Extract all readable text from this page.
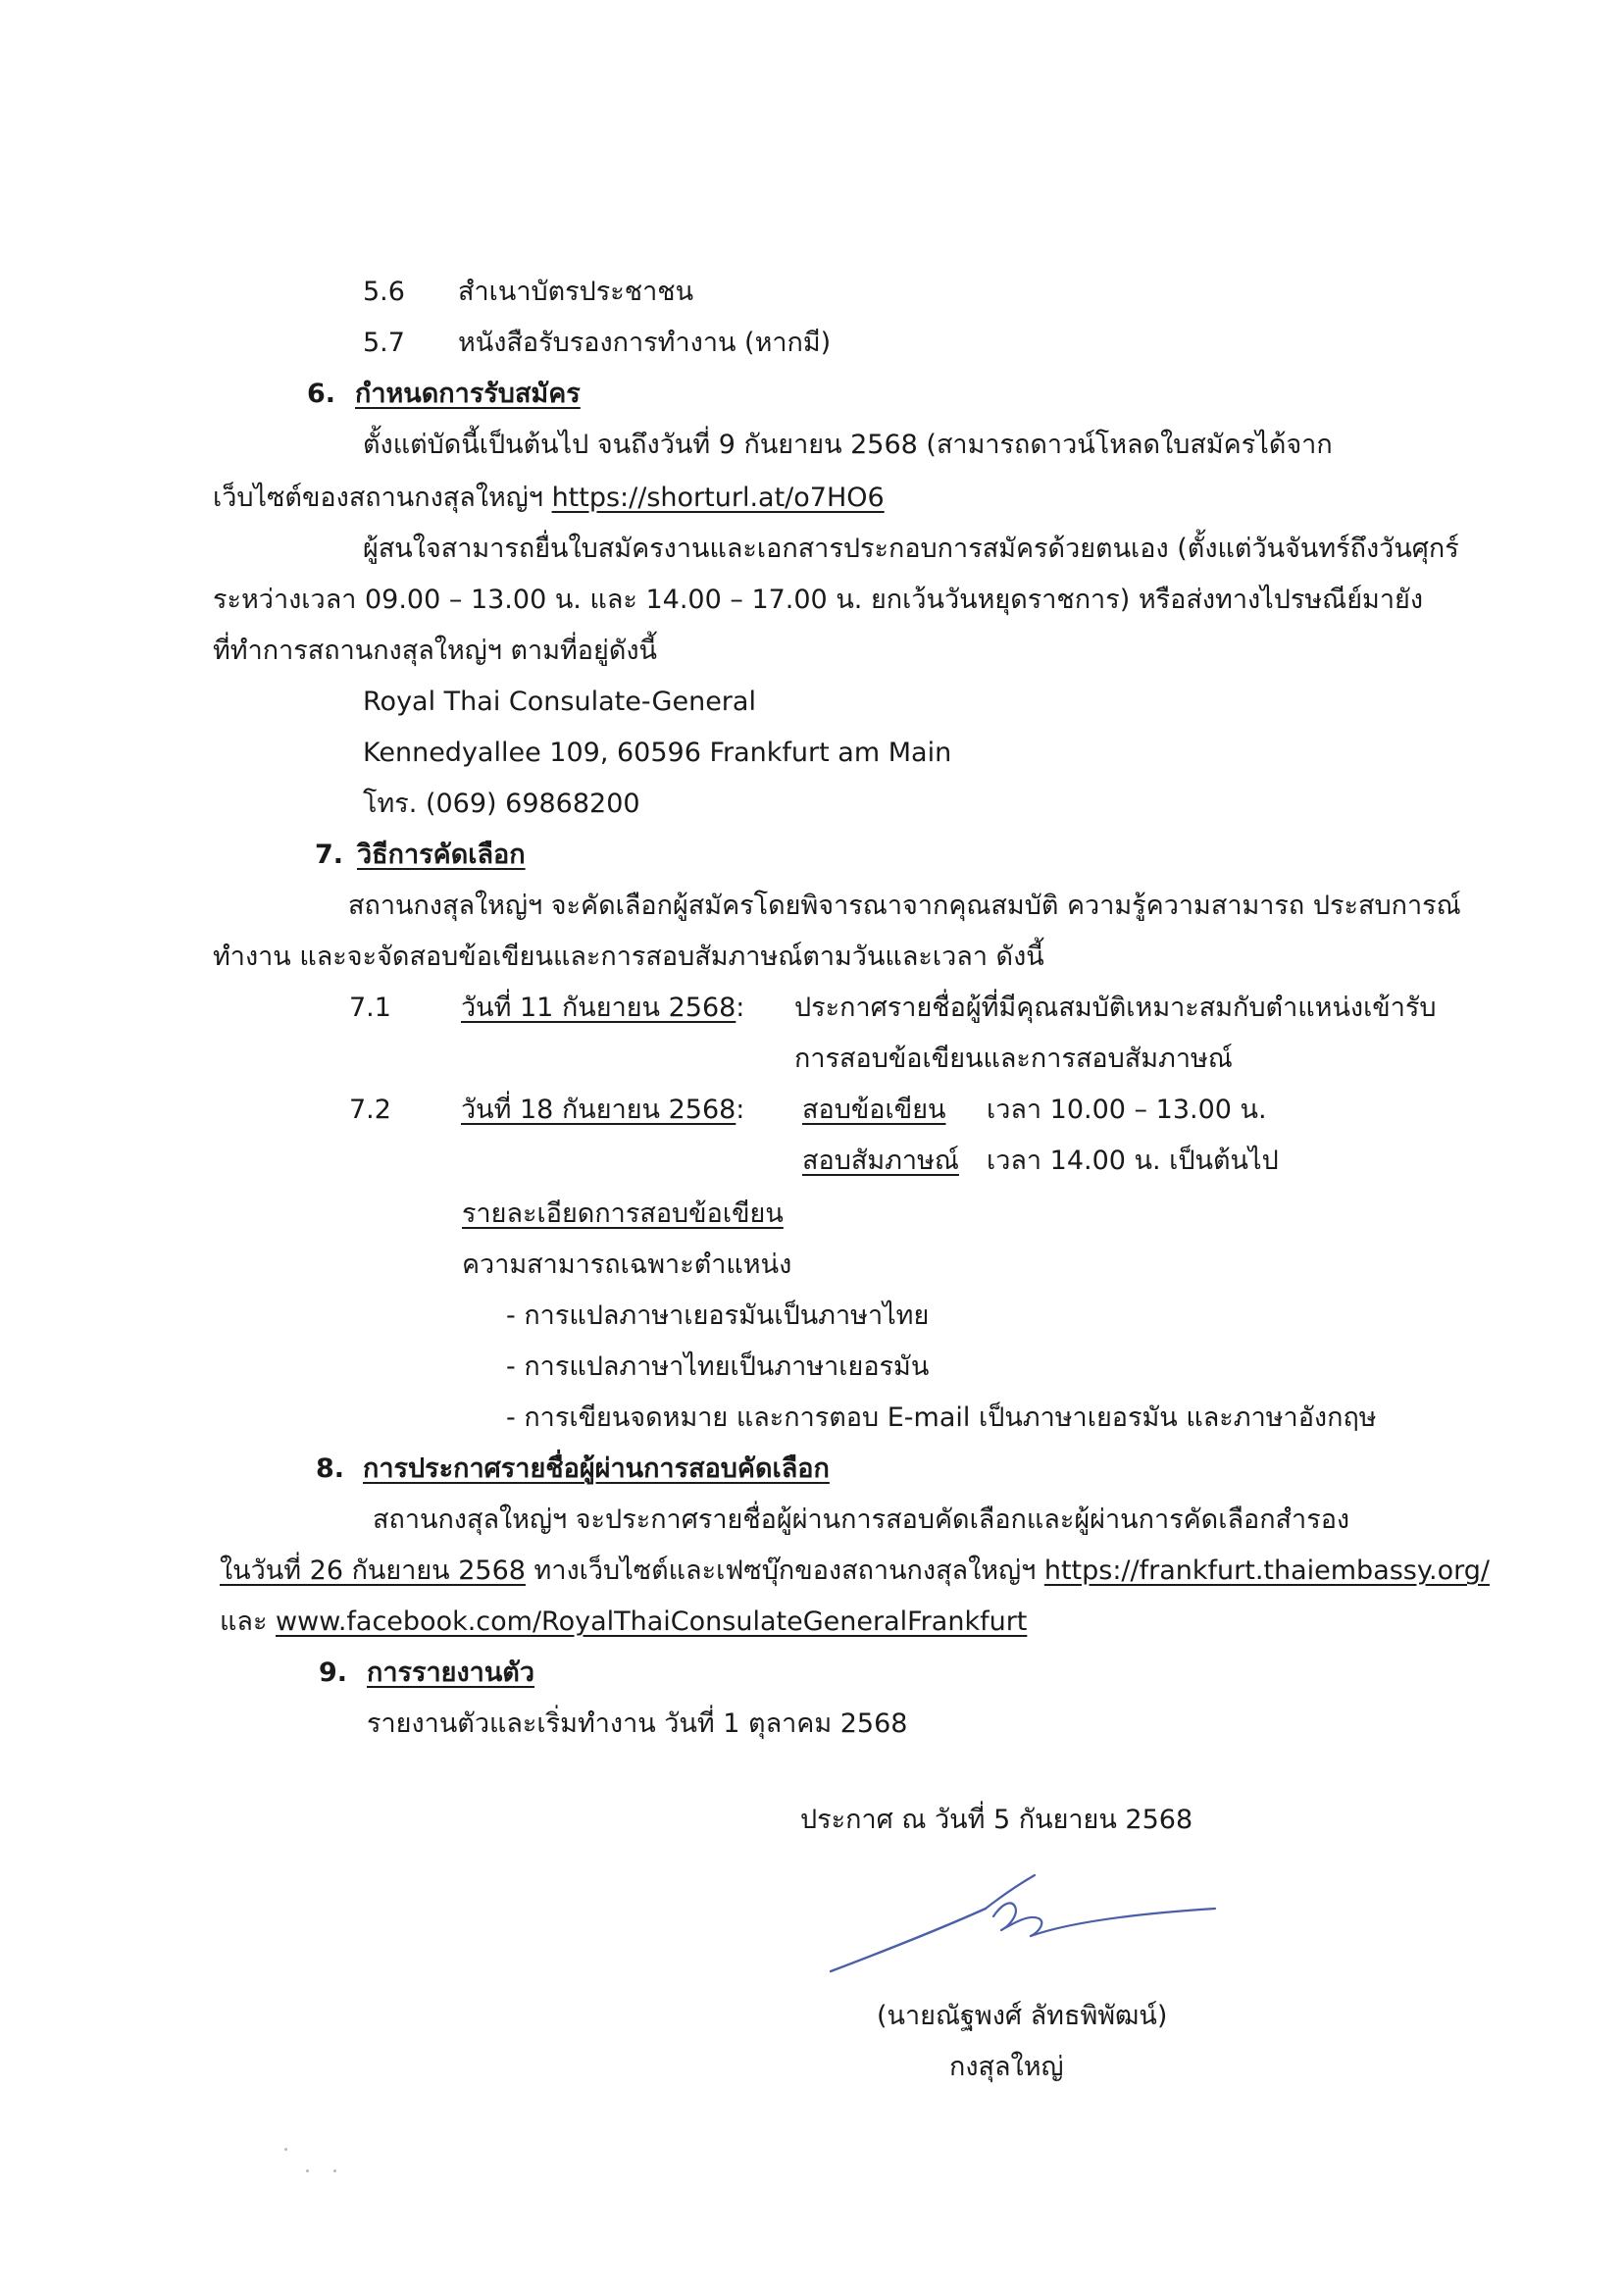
5.6 สำเนาบัตรประชาชน
5.7 หนังสือรับรองการทำงาน (หากมี)
6. กำหนดการรับสมัคร
ตั้งแต่บัดนี้เป็นต้นไป จนถึงวันที่ 9 กันยายน 2568 (สามารถดาวน์โหลดใบสมัครได้จาก
เว็บไซต์ของสถานกงสุลใหญ่ฯ https://shorturl.at/o7HO6
ผู้สนใจสามารถยื่นใบสมัครงานและเอกสารประกอบการสมัครด้วยตนเอง (ตั้งแต่วันจันทร์ถึงวันศุกร์
ระหว่างเวลา 09.00 – 13.00 น. และ 14.00 – 17.00 น. ยกเว้นวันหยุดราชการ) หรือส่งทางไปรษณีย์มายัง
ที่ทำการสถานกงสุลใหญ่ฯ ตามที่อยู่ดังนี้
Royal Thai Consulate-General
Kennedyallee 109, 60596 Frankfurt am Main
โทร. (069) 69868200
7. วิธีการคัดเลือก
สถานกงสุลใหญ่ฯ จะคัดเลือกผู้สมัครโดยพิจารณาจากคุณสมบัติ ความรู้ความสามารถ ประสบการณ์
ทำงาน และจะจัดสอบข้อเขียนและการสอบสัมภาษณ์ตามวันและเวลา ดังนี้
7.1	วันที่ 11 กันยายน 2568: ประกาศรายชื่อผู้ที่มีคุณสมบัติเหมาะสมกับตำแหน่งเข้ารับ
การสอบข้อเขียนและการสอบสัมภาษณ์
7.2	วันที่ 18 กันยายน 2568: สอบข้อเขียน เวลา 10.00 – 13.00 น.
สอบสัมภาษณ์ เวลา 14.00 น. เป็นต้นไป
รายละเอียดการสอบข้อเขียน
ความสามารถเฉพาะตำแหน่ง
- การแปลภาษาเยอรมันเป็นภาษาไทย
- การแปลภาษาไทยเป็นภาษาเยอรมัน
- การเขียนจดหมาย และการตอบ E-mail เป็นภาษาเยอรมัน และภาษาอังกฤษ
8. การประกาศรายชื่อผู้ผ่านการสอบคัดเลือก
สถานกงสุลใหญ่ฯ จะประกาศรายชื่อผู้ผ่านการสอบคัดเลือกและผู้ผ่านการคัดเลือกสำรอง
ในวันที่ 26 กันยายน 2568 ทางเว็บไซต์และเฟซบุ๊กของสถานกงสุลใหญ่ฯ https://frankfurt.thaiembassy.org/
และ www.facebook.com/RoyalThaiConsulateGeneralFrankfurt
9. การรายงานตัว
รายงานตัวและเริ่มทำงาน วันที่ 1 ตุลาคม 2568
ประกาศ ณ วันที่ 5 กันยายน 2568
(นายณัฐพงศ์ ลัทธพิพัฒน์)
กงสุลใหญ่
